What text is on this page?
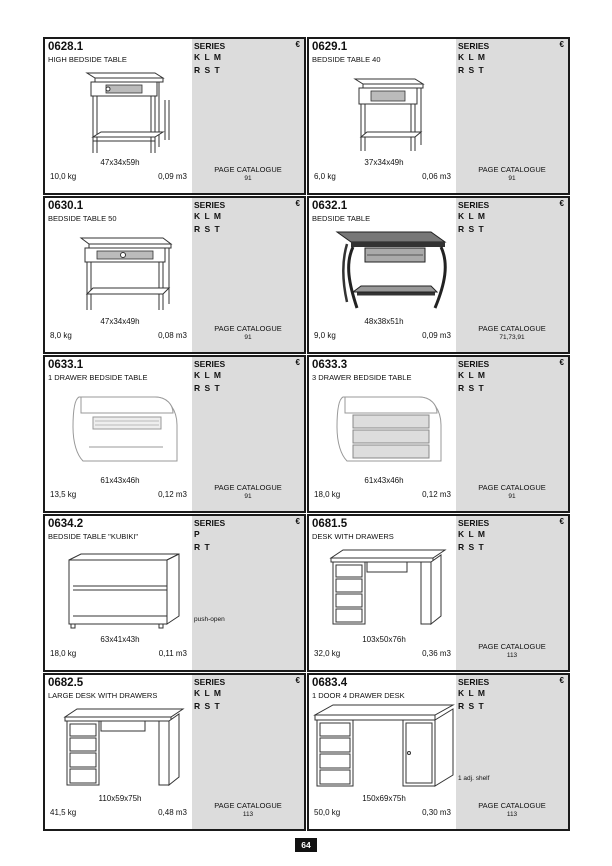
0628.1
HIGH BEDSIDE TABLE
SERIES
K L M
R S T
€
47x34x59h
10,0 kg	0,09 m3
PAGE CATALOGUE
91
0629.1
BEDSIDE TABLE 40
SERIES
K L M
R S T
€
37x34x49h
6,0 kg	0,06 m3
PAGE CATALOGUE
91
0630.1
BEDSIDE TABLE 50
SERIES
K L M
R S T
€
47x34x49h
8,0 kg	0,08 m3
PAGE CATALOGUE
91
0632.1
BEDSIDE TABLE
SERIES
K L M
R S T
€
48x38x51h
9,0 kg	0,09 m3
PAGE CATALOGUE
71,73,91
0633.1
1 DRAWER BEDSIDE TABLE
SERIES
K L M
R S T
€
61x43x46h
13,5 kg	0,12 m3
PAGE CATALOGUE
91
0633.3
3 DRAWER BEDSIDE TABLE
SERIES
K L M
R S T
€
61x43x46h
18,0 kg	0,12 m3
PAGE CATALOGUE
91
0634.2
BEDSIDE TABLE "KUBIKI"
SERIES
P
R T
€
push-open
63x41x43h
18,0 kg	0,11 m3
0681.5
DESK WITH DRAWERS
SERIES
K L M
R S T
€
103x50x76h
32,0 kg	0,36 m3
PAGE CATALOGUE
113
0682.5
LARGE DESK WITH DRAWERS
SERIES
K L M
R S T
€
110x59x75h
41,5 kg	0,48 m3
PAGE CATALOGUE
113
0683.4
1 DOOR 4 DRAWER DESK
SERIES
K L M
R S T
€
1 adj. shelf
150x69x75h
50,0 kg	0,30 m3
PAGE CATALOGUE
113
64
